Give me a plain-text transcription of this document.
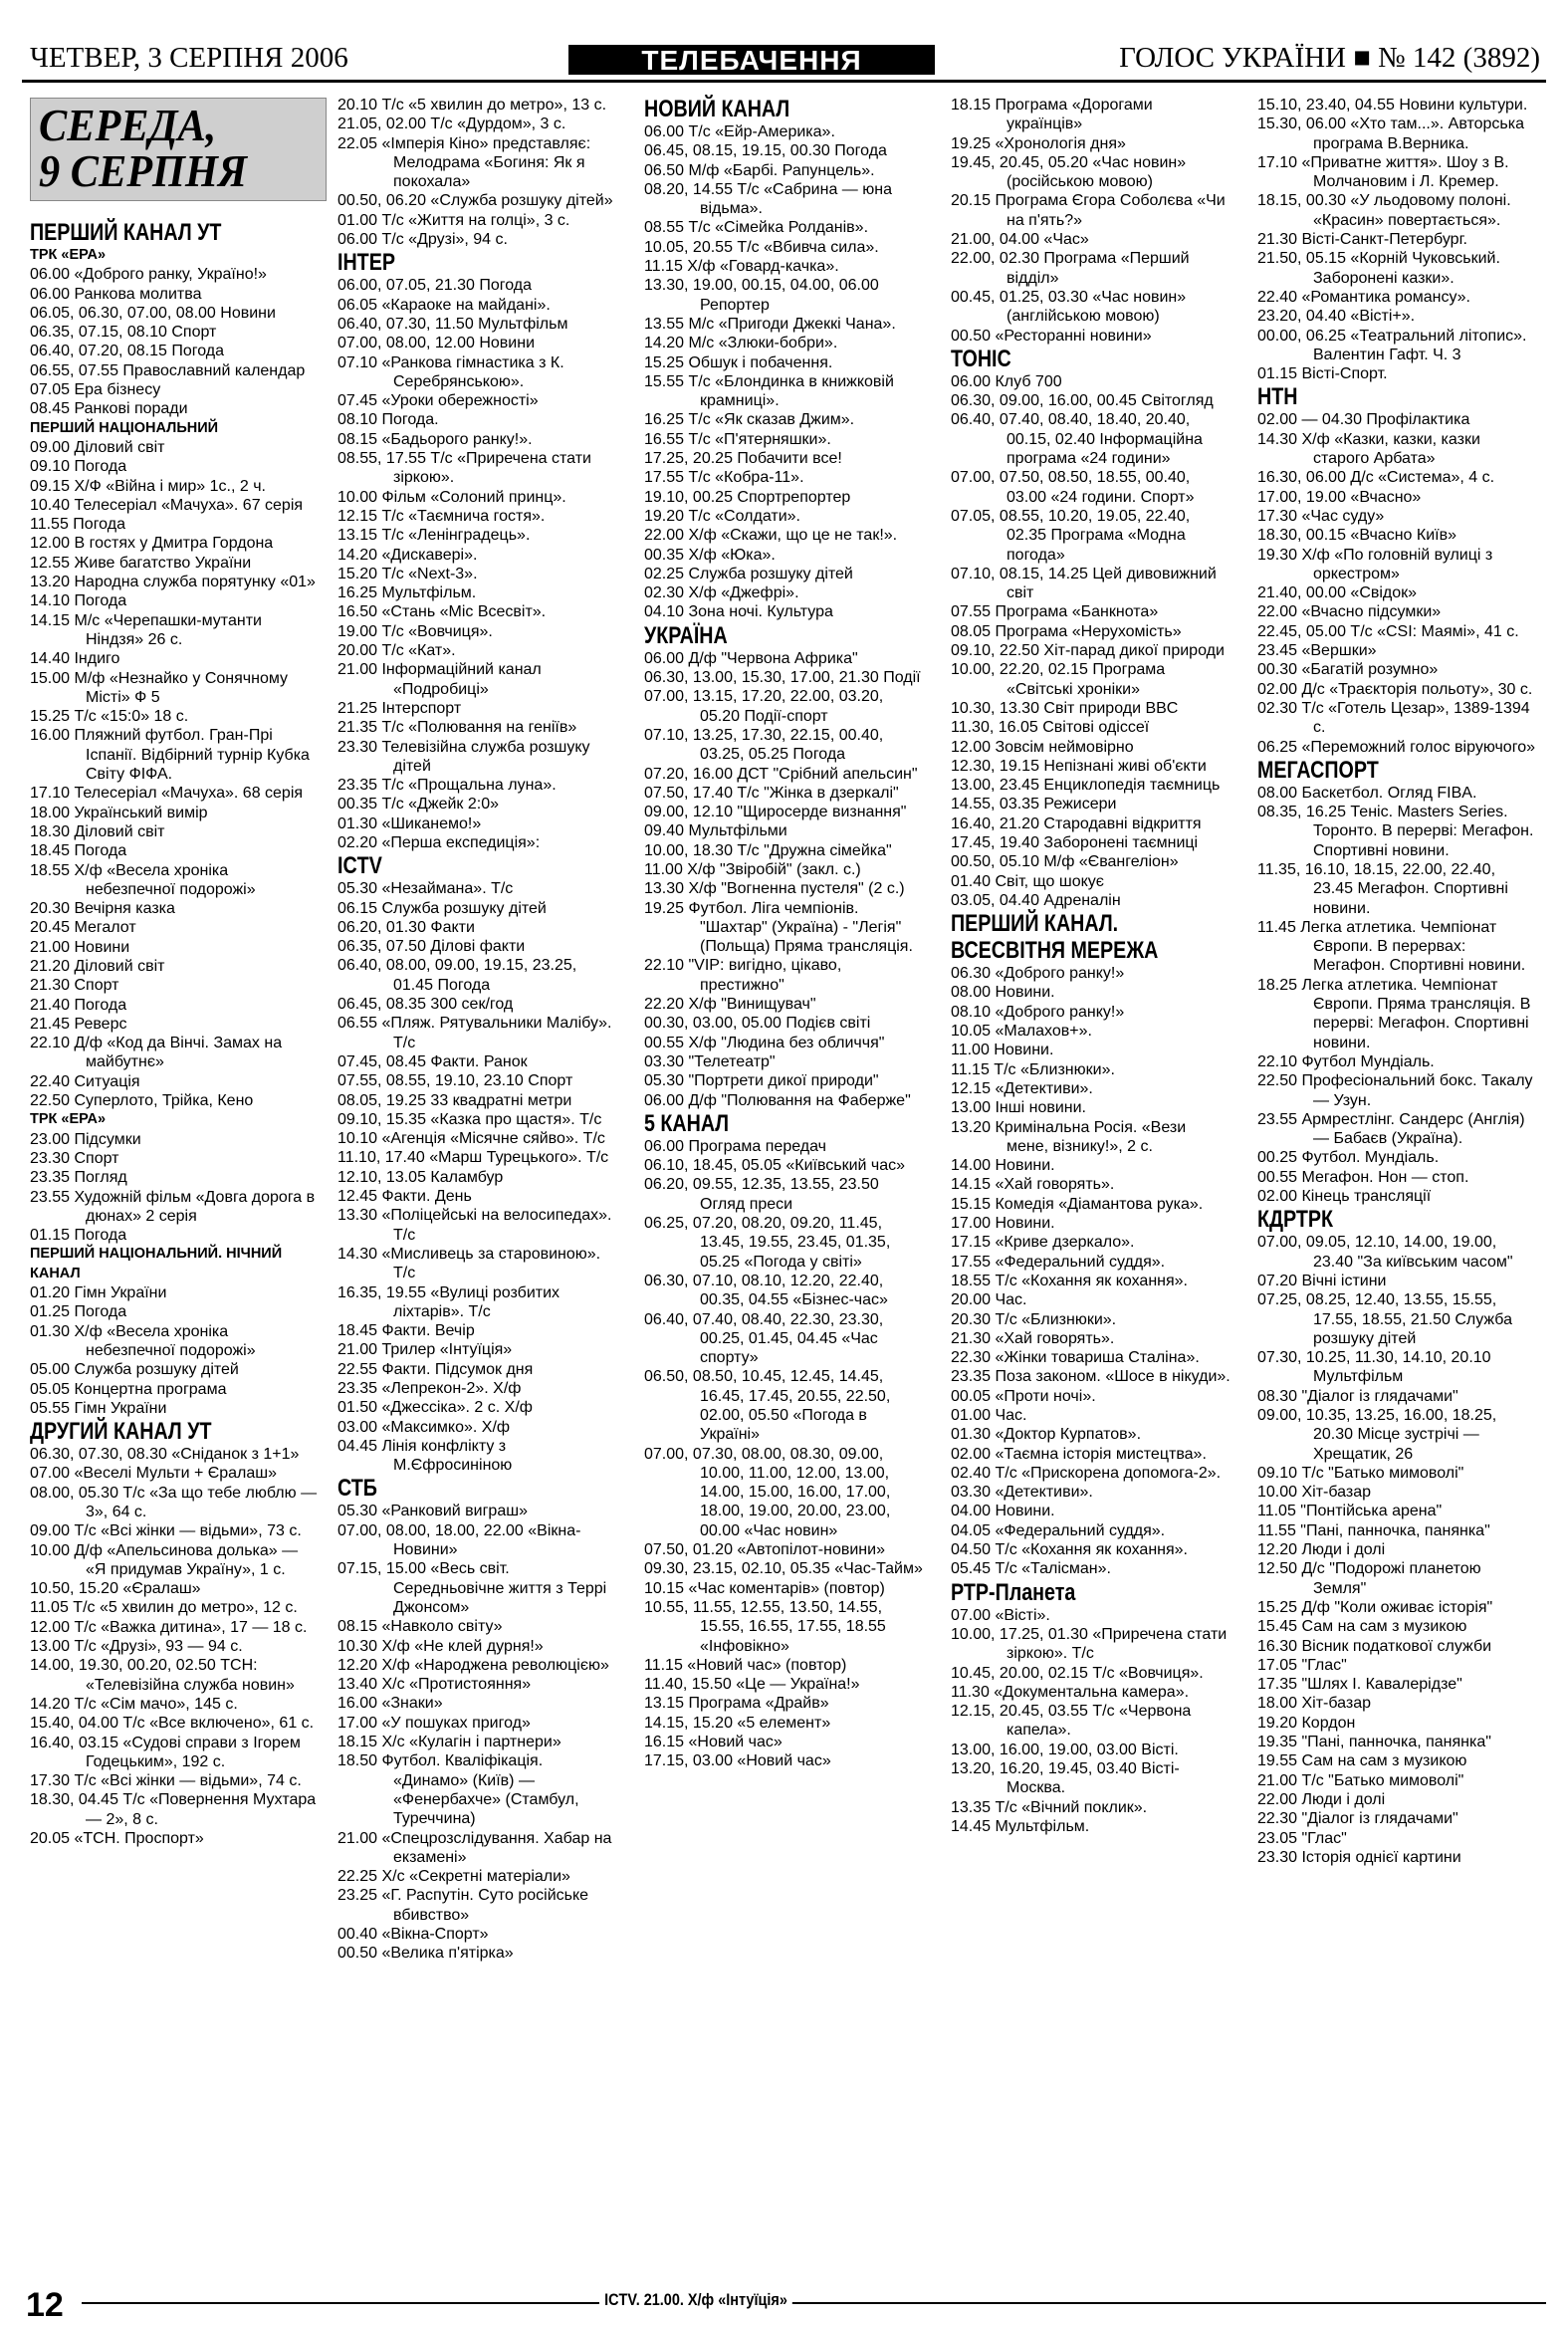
ЧЕТВЕР, 3 СЕРПНЯ 2006	ТЕЛЕБАЧЕННЯ	ГОЛОС УКРАЇНИ ■ № 142 (3892)
СЕРЕДА,
9 СЕРПНЯ

ПЕРШИЙ КАНАЛ УТ

ТРК «ЕРА»

06.00 «Доброго ранку, Україно!»

06.00 Ранкова молитва

06.05, 06.30, 07.00, 08.00 Новини

06.35, 07.15, 08.10 Спорт

06.40, 07.20, 08.15 Погода

06.55, 07.55 Православний календар

07.05 Ера бізнесу

08.45 Ранкові поради

ПЕРШИЙ НАЦІОНАЛЬНИЙ

09.00 Діловий світ

09.10 Погода

09.15 Х/Ф «Війна і мир» 1с., 2 ч.

10.40 Телесеріал «Мачуха». 67 серія

11.55 Погода

12.00 В гостях у Дмитра Гордона

12.55 Живе багатство України

13.20 Народна служба порятунку «01»

14.10 Погода

14.15 М/с «Черепашки-мутанти Ніндзя» 26 с.

14.40 Індиго

15.00 М/ф «Незнайко у Сонячному Місті» Ф 5

15.25 Т/с «15:0» 18 с.

16.00 Пляжний футбол. Гран-Прі Іспанії. Відбірний турнір Кубка Світу ФІФА.

17.10 Телесеріал «Мачуха». 68 серія

18.00 Український вимір

18.30 Діловий світ

18.45 Погода

18.55 Х/ф «Весела хроніка небезпечної подорожі»

20.30 Вечірня казка

20.45 Мегалот

21.00 Новини

21.20 Діловий світ

21.30 Спорт

21.40 Погода

21.45 Реверс

22.10 Д/ф «Код да Вінчі. Замах на майбутнє»

22.40 Ситуація

22.50 Суперлото, Трійка, Кено

ТРК «ЕРА»

23.00 Підсумки

23.30 Спорт

23.35 Погляд

23.55 Художній фільм «Довга дорога в дюнах» 2 серія

01.15 Погода

ПЕРШИЙ НАЦІОНАЛЬНИЙ. НІЧНИЙ КАНАЛ

01.20 Гімн України

01.25 Погода

01.30 Х/ф «Весела хроніка небезпечної подорожі»

05.00 Служба розшуку дітей

05.05 Концертна програма

05.55 Гімн України

ДРУГИЙ КАНАЛ УТ

06.30, 07.30, 08.30 «Сніданок з 1+1»

07.00 «Веселі Мульти + Єралаш»

08.00, 05.30 Т/с «За що тебе люблю — 3», 64 с.

09.00 Т/с «Всі жінки — відьми», 73 с.

10.00 Д/ф «Апельсинова долька» — «Я придумав Україну», 1 с.

10.50, 15.20 «Єралаш»

11.05 Т/с «5 хвилин до метро», 12 с.

12.00 Т/с «Важка дитина», 17 — 18 с.

13.00 Т/с «Друзі», 93 — 94 с.

14.00, 19.30, 00.20, 02.50 ТСН: «Телевізійна служба новин»

14.20 Т/с «Сім мачо», 145 с.

15.40, 04.00 Т/с «Все включено», 61 с.

16.40, 03.15 «Судові справи з Ігорем Годецьким», 192 с.

17.30 Т/с «Всі жінки — відьми», 74 с.

18.30, 04.45 Т/с «Повернення Мухтара — 2», 8 с.

20.05 «ТСН. Проспорт»

20.10 Т/с «5 хвилин до метро», 13 с.

21.05, 02.00 Т/с «Дурдом», 3 с.

22.05 «Імперія Кіно» представляє: Мелодрама «Богиня: Як я покохала»

00.50, 06.20 «Служба розшуку дітей»

01.00 Т/с «Життя на голці», 3 с.

06.00 Т/с «Друзі», 94 с.

ІНТЕР

06.00, 07.05, 21.30 Погода

06.05 «Караоке на майдані».

06.40, 07.30, 11.50 Мультфільм

07.00, 08.00, 12.00 Новини

07.10 «Ранкова гімнастика з К. Серебрянською».

07.45 «Уроки обережності»

08.10 Погода.

08.15 «Бадьорого ранку!».

08.55, 17.55 Т/с «Приречена стати зіркою».

10.00 Фільм «Солоний принц».

12.15 Т/с «Таємнича гостя».

13.15 Т/с «Ленінградець».

14.20 «Дискавері».

15.20 Т/с «Next-3».

16.25 Мультфільм.

16.50 «Стань «Міс Всесвіт».

19.00 Т/с «Вовчиця».

20.00 Т/с «Кат».

21.00 Інформаційний канал «Подробиці»

21.25 Інтерспорт

21.35 Т/с «Полювання на геніїв»

23.30 Телевізійна служба розшуку дітей

23.35 Т/с «Прощальна луна».

00.35 Т/с «Джейк 2:0»

01.30 «Шиканемо!»

02.20 «Перша експедиція»:

ICTV

05.30 «Незаймана». Т/с

06.15 Служба розшуку дітей

06.20, 01.30 Факти

06.35, 07.50 Ділові факти

06.40, 08.00, 09.00, 19.15, 23.25, 01.45 Погода

06.45, 08.35 300 сек/год

06.55 «Пляж. Рятувальники Малібу». Т/с

07.45, 08.45 Факти. Ранок

07.55, 08.55, 19.10, 23.10 Спорт

08.05, 19.25 33 квадратні метри

09.10, 15.35 «Казка про щастя». Т/с

10.10 «Агенція «Місячне сяйво». Т/с

11.10, 17.40 «Марш Турецького». Т/с

12.10, 13.05 Каламбур

12.45 Факти. День

13.30 «Поліцейські на велосипедах». Т/с

14.30 «Мисливець за старовиною». Т/с

16.35, 19.55 «Вулиці розбитих ліхтарів». Т/с

18.45 Факти. Вечір

21.00 Трилер «Інтуїція»

22.55 Факти. Підсумок дня

23.35 «Лепрекон-2». Х/ф

01.50 «Джессіка». 2 с. Х/ф

03.00 «Максимко». Х/ф

04.45 Лінія конфлікту з М.Єфросиніною

СТБ

05.30 «Ранковий виграш»

07.00, 08.00, 18.00, 22.00 «Вікна-Новини»

07.15, 15.00 «Весь світ. Середньовічне життя з Террі Джонсом»

08.15 «Навколо світу»

10.30 Х/ф «Не клей дурня!»

12.20 Х/ф «Народжена революцією»

13.40 Х/с «Протистояння»

16.00 «Знаки»

17.00 «У пошуках пригод»

18.15 Х/с «Кулагін і партнери»

18.50 Футбол. Кваліфікація. «Динамо» (Київ) — «Фенербахче» (Стамбул, Туреччина)

21.00 «Спецрозслідування. Хабар на екзамені»

22.25 Х/с «Секретні матеріали»

23.25 «Г. Распутін. Суто російське вбивство»

00.40 «Вікна-Спорт»

00.50 «Велика п'ятірка»

НОВИЙ КАНАЛ

06.00 Т/с «Ейр-Америка».

06.45, 08.15, 19.15, 00.30 Погода

06.50 М/ф «Барбі. Рапунцель».

08.20, 14.55 Т/с «Сабрина — юна відьма».

08.55 Т/с «Сімейка Ролданів».

10.05, 20.55 Т/с «Вбивча сила».

11.15 Х/ф «Говард-качка».

13.30, 19.00, 00.15, 04.00, 06.00 Репортер

13.55 М/с «Пригоди Джеккі Чана».

14.20 М/с «Злюки-бобри».

15.25 Обшук і побачення.

15.55 Т/с «Блондинка в книжковій крамниці».

16.25 Т/с «Як сказав Джим».

16.55 Т/с «П'ятерняшки».

17.25, 20.25 Побачити все!

17.55 Т/с «Кобра-11».

19.10, 00.25 Спортрепортер

19.20 Т/с «Солдати».

22.00 Х/ф «Скажи, що це не так!».

00.35 Х/ф «Юка».

02.25 Служба розшуку дітей

02.30 Х/ф «Джефрі».

04.10 Зона ночі. Культура

УКРАЇНА

06.00 Д/ф "Червона Африка"

06.30, 13.00, 15.30, 17.00, 21.30 Події

07.00, 13.15, 17.20, 22.00, 03.20, 05.20 Події-спорт

07.10, 13.25, 17.30, 22.15, 00.40, 03.25, 05.25 Погода

07.20, 16.00 ДСТ "Срібний апельсин"

07.50, 17.40 Т/с "Жінка в дзеркалі"

09.00, 12.10 "Щиросерде визнання"

09.40 Мультфільми

10.00, 18.30 Т/с "Дружна сімейка"

11.00 Х/ф "Звіробій" (закл. с.)

13.30 Х/ф "Вогненна пустеля" (2 с.)

19.25 Футбол. Ліга чемпіонів. "Шахтар" (Україна) - "Легія" (Польща) Пряма трансляція.

22.10 "VIP: вигідно, цікаво, престижно"

22.20 Х/ф "Винищувач"

00.30, 03.00, 05.00 Подієв світі

00.55 Х/ф "Людина без обличчя"

03.30 "Телетеатр"

05.30 "Портрети дикої природи"

06.00 Д/ф "Полювання на Фаберже"

5 КАНАЛ

06.00 Програма передач

06.10, 18.45, 05.05 «Київський час»

06.20, 09.55, 12.35, 13.55, 23.50 Огляд преси

06.25, 07.20, 08.20, 09.20, 11.45, 13.45, 19.55, 23.45, 01.35, 05.25 «Погода у світі»

06.30, 07.10, 08.10, 12.20, 22.40, 00.35, 04.55 «Бізнес-час»

06.40, 07.40, 08.40, 22.30, 23.30, 00.25, 01.45, 04.45 «Час спорту»

06.50, 08.50, 10.45, 12.45, 14.45, 16.45, 17.45, 20.55, 22.50, 02.00, 05.50 «Погода в Україні»

07.00, 07.30, 08.00, 08.30, 09.00, 10.00, 11.00, 12.00, 13.00, 14.00, 15.00, 16.00, 17.00, 18.00, 19.00, 20.00, 23.00, 00.00 «Час новин»

07.50, 01.20 «Автопілот-новини»

09.30, 23.15, 02.10, 05.35 «Час-Тайм»

10.15 «Час коментарів» (повтор)

10.55, 11.55, 12.55, 13.50, 14.55, 15.55, 16.55, 17.55, 18.55 «Інфовікно»

11.15 «Новий час» (повтор)

11.40, 15.50 «Це — Україна!»

13.15 Програма «Драйв»

14.15, 15.20 «5 елемент»

16.15 «Новий час»

17.15, 03.00 «Новий час»

18.15 Програма «Дорогами українців»

19.25 «Хронологія дня»

19.45, 20.45, 05.20 «Час новин» (російською мовою)

20.15 Програма Єгора Соболєва «Чи на п'ять?»

21.00, 04.00 «Час»

22.00, 02.30 Програма «Перший відділ»

00.45, 01.25, 03.30 «Час новин» (англійською мовою)

00.50 «Ресторанні новини»

ТОНІС

06.00 Клуб 700

06.30, 09.00, 16.00, 00.45 Світогляд

06.40, 07.40, 08.40, 18.40, 20.40, 00.15, 02.40 Інформаційна програма «24 години»

07.00, 07.50, 08.50, 18.55, 00.40, 03.00 «24 години. Спорт»

07.05, 08.55, 10.20, 19.05, 22.40, 02.35 Програма «Модна погода»

07.10, 08.15, 14.25 Цей дивовижний світ

07.55 Програма «Банкнота»

08.05 Програма «Нерухомість»

09.10, 22.50 Хіт-парад дикої природи

10.00, 22.20, 02.15 Програма «Світські хроніки»

10.30, 13.30 Світ природи BBC

11.30, 16.05 Світові одіссеї

12.00 Зовсім неймовірно

12.30, 19.15 Непізнані живі об'єкти

13.00, 23.45 Енциклопедія таємниць

14.55, 03.35 Режисери

16.40, 21.20 Стародавні відкриття

17.45, 19.40 Заборонені таємниці

00.50, 05.10 М/ф «Євангеліон»

01.40 Світ, що шокує

03.05, 04.40 Адреналін

ПЕРШИЙ КАНАЛ.

ВСЕСВІТНЯ МЕРЕЖА

06.30 «Доброго ранку!»

08.00 Новини.

08.10 «Доброго ранку!»

10.05 «Малахов+».

11.00 Новини.

11.15 Т/с «Близнюки».

12.15 «Детективи».

13.00 Інші новини.

13.20 Кримінальна Росія. «Вези мене, візнику!», 2 с.

14.00 Новини.

14.15 «Хай говорять».

15.15 Комедія «Діамантова рука».

17.00 Новини.

17.15 «Криве дзеркало».

17.55 «Федеральний суддя».

18.55 Т/с «Кохання як кохання».

20.00 Час.

20.30 Т/с «Близнюки».

21.30 «Хай говорять».

22.30 «Жінки товариша Сталіна».

23.35 Поза законом. «Шосе в нікуди».

00.05 «Проти ночі».

01.00 Час.

01.30 «Доктор Курпатов».

02.00 «Таємна історія мистецтва».

02.40 Т/с «Прискорена допомога-2».

03.30 «Детективи».

04.00 Новини.

04.05 «Федеральний суддя».

04.50 Т/с «Кохання як кохання».

05.45 Т/с «Талісман».

РТР-Планета

07.00 «Вісті».

10.00, 17.25, 01.30 «Приречена стати зіркою». Т/с

10.45, 20.00, 02.15 Т/с «Вовчиця».

11.30 «Документальна камера».

12.15, 20.45, 03.55 Т/с «Червона капела».

13.00, 16.00, 19.00, 03.00 Вісті.

13.20, 16.20, 19.45, 03.40 Вісті-Москва.

13.35 Т/с «Вічний поклик».

14.45 Мультфільм.

15.10, 23.40, 04.55 Новини культури.

15.30, 06.00 «Хто там...». Авторська програма В.Верника.

17.10 «Приватне життя». Шоу з В. Молчановим і Л. Кремер.

18.15, 00.30 «У льодовому полоні. «Красин» повертається».

21.30 Вісті-Санкт-Петербург.

21.50, 05.15 «Корній Чуковський. Заборонені казки».

22.40 «Романтика романсу».

23.20, 04.40 «Вісті+».

00.00, 06.25 «Театральний літопис». Валентин Гафт. Ч. 3

01.15 Вісті-Спорт.

НТН

02.00 — 04.30 Профілактика

14.30 Х/ф «Казки, казки, казки старого Арбата»

16.30, 06.00 Д/с «Система», 4 с.

17.00, 19.00 «Вчасно»

17.30 «Час суду»

18.30, 00.15 «Вчасно Київ»

19.30 Х/ф «По головній вулиці з оркестром»

21.40, 00.00 «Свідок»

22.00 «Вчасно підсумки»

22.45, 05.00 Т/с «CSI: Маямі», 41 с.

23.45 «Вершки»

00.30 «Багатій розумно»

02.00 Д/с «Траєкторія польоту», 30 с.

02.30 Т/с «Готель Цезар», 1389-1394 с.

06.25 «Переможний голос віруючого»

МЕГАСПОРТ

08.00 Баскетбол. Огляд FIBA.

08.35, 16.25 Теніс. Masters Series. Торонто. В перерві: Мегафон. Спортивні новини.

11.35, 16.10, 18.15, 22.00, 22.40, 23.45 Мегафон. Спортивні новини.

11.45 Легка атлетика. Чемпіонат Європи. В перервах: Мегафон. Спортивні новини.

18.25 Легка атлетика. Чемпіонат Європи. Пряма трансляція. В перерві: Мегафон. Спортивні новини.

22.10 Футбол Мундіаль.

22.50 Професіональний бокс. Такалу — Узун.

23.55 Армрестлінг. Сандерс (Англія) — Бабаєв (Україна).

00.25 Футбол. Мундіаль.

00.55 Мегафон. Нон — стоп.

02.00 Кінець трансляції

КДРТРК

07.00, 09.05, 12.10, 14.00, 19.00, 23.40 "За київським часом"

07.20 Вічні істини

07.25, 08.25, 12.40, 13.55, 15.55, 17.55, 18.55, 21.50 Служба розшуку дітей

07.30, 10.25, 11.30, 14.10, 20.10 Мультфільм

08.30 "Діалог із глядачами"

09.00, 10.35, 13.25, 16.00, 18.25, 20.30 Місце зустрічі — Хрещатик, 26

09.10 Т/с "Батько мимоволі"

10.00 Хіт-базар

11.05 "Понтійська арена"

11.55 "Пані, панночка, панянка"

12.20 Люди і долі

12.50 Д/с "Подорожі планетою Земля"

15.25 Д/ф "Коли оживає історія"

15.45 Сам на сам з музикою

16.30 Вісник податкової служби

17.05 "Глас"

17.35 "Шлях І. Кавалерідзе"

18.00 Хіт-базар

19.20 Кордон

19.35 "Пані, панночка, панянка"

19.55 Сам на сам з музикою

21.00 Т/с "Батько мимоволі"

22.00 Люди і долі

22.30 "Діалог із глядачами"

23.05 "Глас"

23.30 Історія однієї картини

12	ICTV. 21.00. Х/ф «Інтуїція»
